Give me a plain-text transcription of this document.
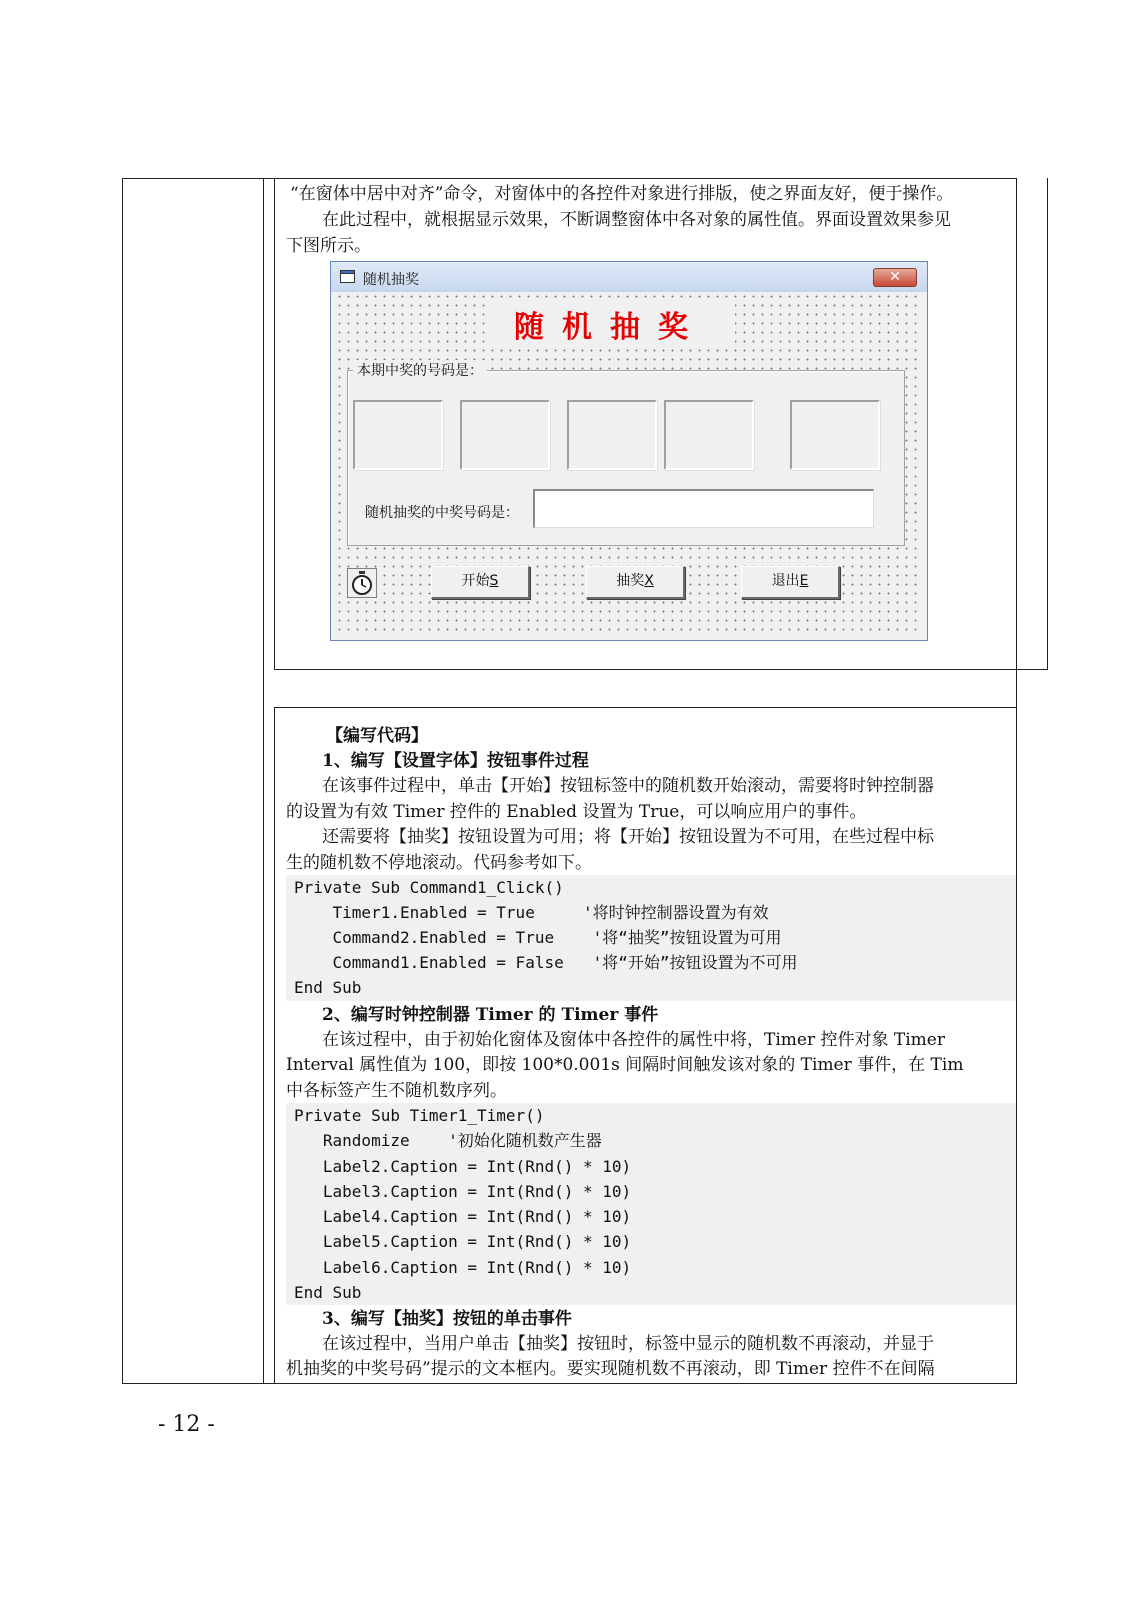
“在窗体中居中对齐”命令，对窗体中的各控件对象进行排版，使之界面友好，便于操作。
在此过程中，就根据显示效果，不断调整窗体中各对象的属性值。界面设置效果参见
下图所示。
随机抽奖	✕
随机抽奖
本期中奖的号码是：
随机抽奖的中奖号码是：
开始S	抽奖X	退出E
【编写代码】
1、编写【设置字体】按钮事件过程
在该事件过程中，单击【开始】按钮标签中的随机数开始滚动，需要将时钟控制器
的设置为有效 Timer 控件的 Enabled 设置为 True，可以响应用户的事件。
还需要将【抽奖】按钮设置为可用；将【开始】按钮设置为不可用，在些过程中标
生的随机数不停地滚动。代码参考如下。
Private Sub Command1_Click()
Timer1.Enabled = True     '将时钟控制器设置为有效
Command2.Enabled = True    '将“抽奖”按钮设置为可用
Command1.Enabled = False   '将“开始”按钮设置为不可用
End Sub
2、编写时钟控制器 Timer 的 Timer 事件
在该过程中，由于初始化窗体及窗体中各控件的属性中将，Timer 控件对象 Timer
Interval 属性值为 100，即按 100*0.001s 间隔时间触发该对象的 Timer 事件，在 Tim
中各标签产生不随机数序列。
Private Sub Timer1_Timer()
Randomize    '初始化随机数产生器
Label2.Caption = Int(Rnd() * 10)
Label3.Caption = Int(Rnd() * 10)
Label4.Caption = Int(Rnd() * 10)
Label5.Caption = Int(Rnd() * 10)
Label6.Caption = Int(Rnd() * 10)
End Sub
3、编写【抽奖】按钮的单击事件
在该过程中，当用户单击【抽奖】按钮时，标签中显示的随机数不再滚动，并显于
机抽奖的中奖号码”提示的文本框内。要实现随机数不再滚动，即 Timer 控件不在间隔
- 12 -
